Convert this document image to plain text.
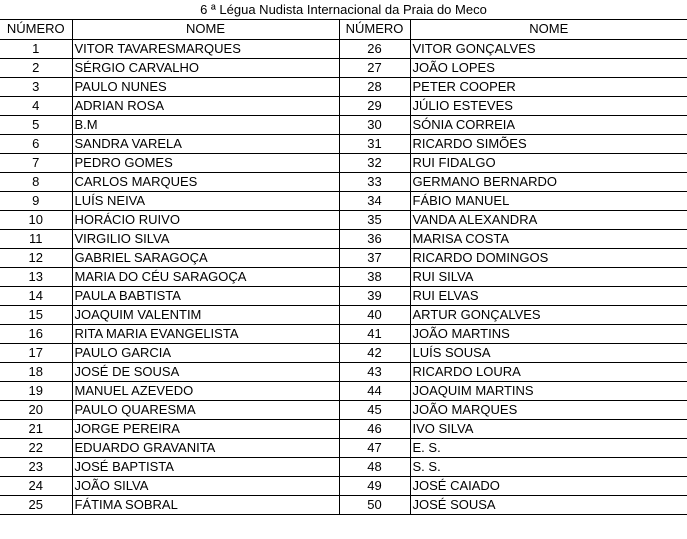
6 ª Légua Nudista Internacional da Praia do Meco
NÚMERO	NOME	NÚMERO	NOME
1	VITOR TAVARESMARQUES	26	VITOR GONÇALVES
2	SÉRGIO CARVALHO	27	JOÃO LOPES
3	PAULO NUNES	28	PETER COOPER
4	ADRIAN ROSA	29	JÚLIO ESTEVES
5	B.M	30	SÓNIA CORREIA
6	SANDRA VARELA	31	RICARDO SIMÕES
7	PEDRO GOMES	32	RUI FIDALGO
8	CARLOS MARQUES	33	GERMANO BERNARDO
9	LUÍS NEIVA	34	FÁBIO MANUEL
10	HORÁCIO RUIVO	35	VANDA ALEXANDRA
11	VIRGILIO SILVA	36	MARISA COSTA
12	GABRIEL SARAGOÇA	37	RICARDO DOMINGOS
13	MARIA DO CÉU SARAGOÇA	38	RUI SILVA
14	PAULA BABTISTA	39	RUI ELVAS
15	JOAQUIM VALENTIM	40	ARTUR GONÇALVES
16	RITA MARIA EVANGELISTA	41	JOÃO MARTINS
17	PAULO GARCIA	42	LUÍS SOUSA
18	JOSÉ DE SOUSA	43	RICARDO LOURA
19	MANUEL AZEVEDO	44	JOAQUIM MARTINS
20	PAULO QUARESMA	45	JOÃO MARQUES
21	JORGE PEREIRA	46	IVO SILVA
22	EDUARDO GRAVANITA	47	E. S.
23	JOSÉ BAPTISTA	48	S. S.
24	JOÃO SILVA	49	JOSÉ CAIADO
25	FÁTIMA SOBRAL	50	JOSÉ SOUSA
